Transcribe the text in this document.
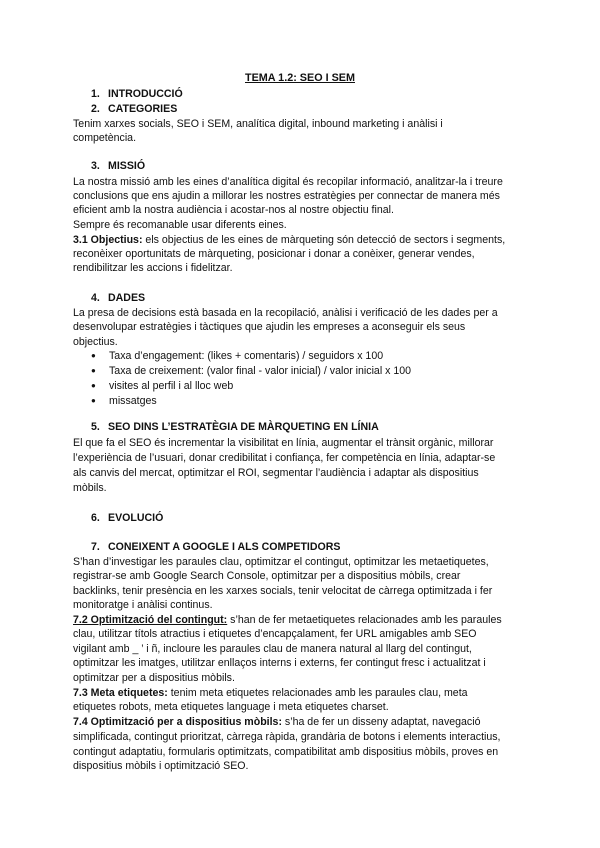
TEMA 1.2: SEO I SEM
1. INTRODUCCIÓ
2. CATEGORIES
Tenim xarxes socials, SEO i SEM, analítica digital, inbound marketing i anàlisi i
competència.
3. MISSIÓ
La nostra missió amb les eines d’analítica digital és recopilar informació, analitzar-la i treure
conclusions que ens ajudin a millorar les nostres estratègies per connectar de manera més
eficient amb la nostra audiència i acostar-nos al nostre objectiu final.
Sempre és recomanable usar diferents eines.
3.1 Objectius: els objectius de les eines de màrqueting són detecció de sectors i segments,
reconèixer oportunitats de màrqueting, posicionar i donar a conèixer, generar vendes,
rendibilitzar les accions i fidelitzar.
4. DADES
La presa de decisions està basada en la recopilació, anàlisi i verificació de les dades per a
desenvolupar estratègies i tàctiques que ajudin les empreses a aconseguir els seus
objectius.
● Taxa d’engagement: (likes + comentaris) / seguidors x 100
● Taxa de creixement: (valor final - valor inicial) / valor inicial x 100
● visites al perfil i al lloc web
● missatges
5. SEO DINS L’ESTRATÈGIA DE MÀRQUETING EN LÍNIA
El que fa el SEO és incrementar la visibilitat en línia, augmentar el trànsit orgànic, millorar
l’experiència de l’usuari, donar credibilitat i confiança, fer competència en línia, adaptar-se
als canvis del mercat, optimitzar el ROI, segmentar l’audiència i adaptar als dispositius
mòbils.
6. EVOLUCIÓ
7. CONEIXENT A GOOGLE I ALS COMPETIDORS
S’han d’investigar les paraules clau, optimitzar el contingut, optimitzar les metaetiquetes,
registrar-se amb Google Search Console, optimitzar per a dispositius mòbils, crear
backlinks, tenir presència en les xarxes socials, tenir velocitat de càrrega optimitzada i fer
monitoratge i anàlisi continus.
7.2 Optimització del contingut: s’han de fer metaetiquetes relacionades amb les paraules
clau, utilitzar títols atractius i etiquetes d’encapçalament, fer URL amigables amb SEO
vigilant amb _ ’ i ñ, incloure les paraules clau de manera natural al llarg del contingut,
optimitzar les imatges, utilitzar enllaços interns i externs, fer contingut fresc i actualitzat i
optimitzar per a dispositius mòbils.
7.3 Meta etiquetes: tenim meta etiquetes relacionades amb les paraules clau, meta
etiquetes robots, meta etiquetes language i meta etiquetes charset.
7.4 Optimització per a dispositius mòbils: s’ha de fer un disseny adaptat, navegació
simplificada, contingut prioritzat, càrrega ràpida, grandària de botons i elements interactius,
contingut adaptatiu, formularis optimitzats, compatibilitat amb dispositius mòbils, proves en
dispositius mòbils i optimització SEO.
